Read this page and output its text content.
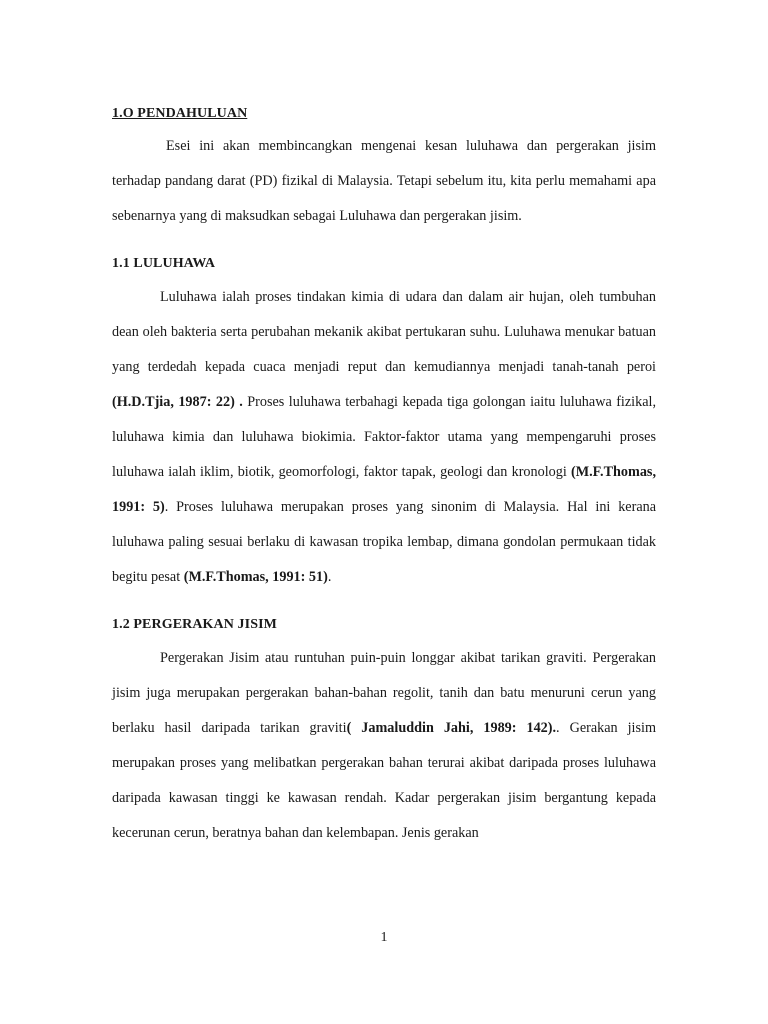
1.O PENDAHULUAN

Esei ini akan membincangkan mengenai kesan luluhawa dan pergerakan jisim terhadap pandang darat (PD) fizikal di Malaysia. Tetapi sebelum itu, kita perlu memahami apa sebenarnya yang di maksudkan sebagai Luluhawa dan pergerakan jisim.

1.1 LULUHAWA

Luluhawa ialah proses tindakan kimia di udara dan dalam air hujan, oleh tumbuhan dean oleh bakteria serta perubahan mekanik akibat pertukaran suhu. Luluhawa menukar batuan yang terdedah kepada cuaca menjadi reput dan kemudiannya menjadi tanah-tanah peroi (H.D.Tjia, 1987: 22) . Proses luluhawa terbahagi kepada tiga golongan iaitu luluhawa fizikal, luluhawa kimia dan luluhawa biokimia. Faktor-faktor utama yang mempengaruhi proses luluhawa ialah iklim, biotik, geomorfologi, faktor tapak, geologi dan kronologi (M.F.Thomas, 1991: 5). Proses luluhawa merupakan proses yang sinonim di Malaysia. Hal ini kerana luluhawa paling sesuai berlaku di kawasan tropika lembap, dimana gondolan permukaan tidak begitu pesat (M.F.Thomas, 1991: 51).

1.2 PERGERAKAN JISIM

Pergerakan Jisim atau runtuhan puin-puin longgar akibat tarikan graviti. Pergerakan jisim juga merupakan pergerakan bahan-bahan regolit, tanih dan batu menuruni cerun yang berlaku hasil daripada tarikan graviti( Jamaluddin Jahi, 1989: 142).. Gerakan jisim merupakan proses yang melibatkan pergerakan bahan terurai akibat daripada proses luluhawa daripada kawasan tinggi ke kawasan rendah. Kadar pergerakan jisim bergantung kepada kecerunan cerun, beratnya bahan dan kelembapan. Jenis gerakan

1
